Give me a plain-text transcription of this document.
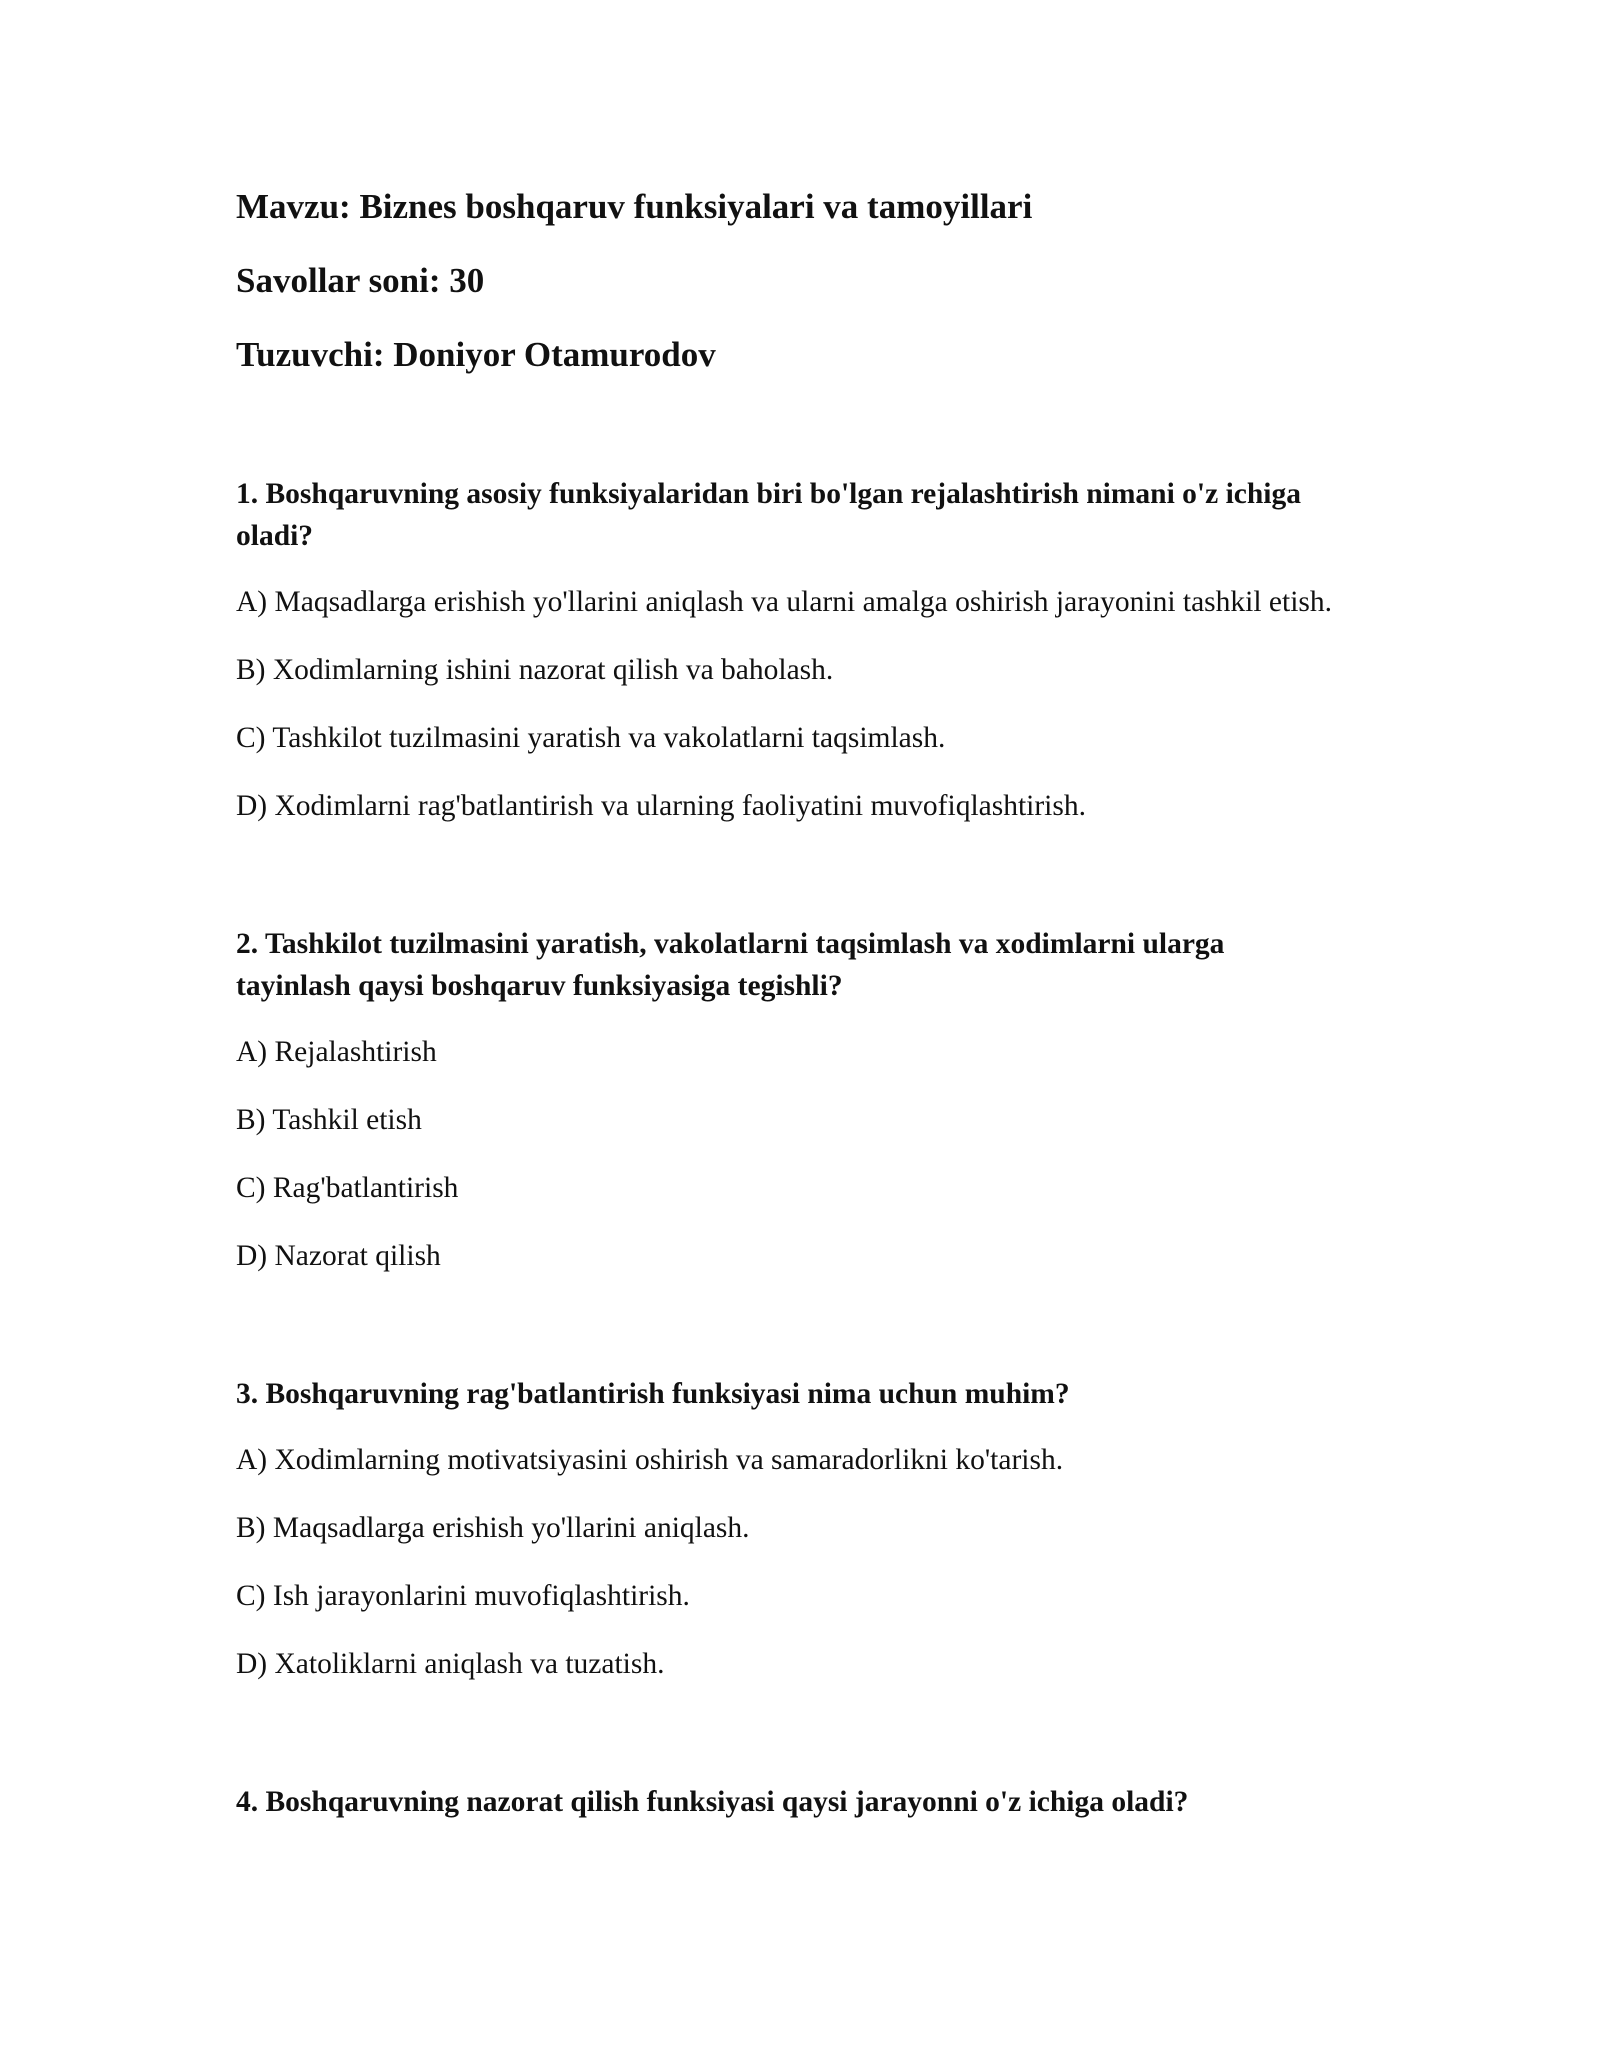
Mavzu: Biznes boshqaruv funksiyalari va tamoyillari
Savollar soni: 30
Tuzuvchi: Doniyor Otamurodov
1. Boshqaruvning asosiy funksiyalaridan biri bo'lgan rejalashtirish nimani o'z ichiga oladi?
A) Maqsadlarga erishish yo'llarini aniqlash va ularni amalga oshirish jarayonini tashkil etish.
B) Xodimlarning ishini nazorat qilish va baholash.
C) Tashkilot tuzilmasini yaratish va vakolatlarni taqsimlash.
D) Xodimlarni rag'batlantirish va ularning faoliyatini muvofiqlashtirish.
2. Tashkilot tuzilmasini yaratish, vakolatlarni taqsimlash va xodimlarni ularga tayinlash qaysi boshqaruv funksiyasiga tegishli?
A) Rejalashtirish
B) Tashkil etish
C) Rag'batlantirish
D) Nazorat qilish
3. Boshqaruvning rag'batlantirish funksiyasi nima uchun muhim?
A) Xodimlarning motivatsiyasini oshirish va samaradorlikni ko'tarish.
B) Maqsadlarga erishish yo'llarini aniqlash.
C) Ish jarayonlarini muvofiqlashtirish.
D) Xatoliklarni aniqlash va tuzatish.
4. Boshqaruvning nazorat qilish funksiyasi qaysi jarayonni o'z ichiga oladi?
